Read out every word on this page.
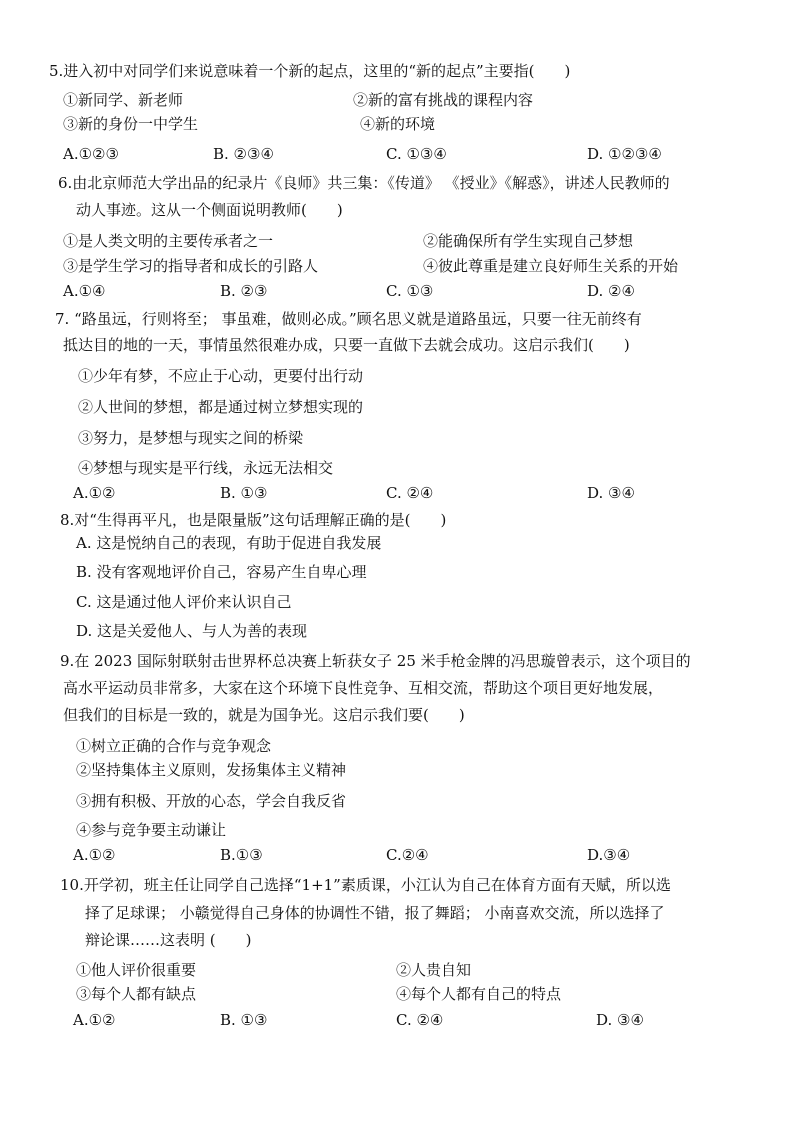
5.进入初中对同学们来说意味着一个新的起点，这里的“新的起点”主要指(　　)
①新同学、新老师	②新的富有挑战的课程内容
③新的身份一中学生	④新的环境
A.①②③	B. ②③④	C. ①③④	D. ①②③④
6.由北京师范大学出品的纪录片《良师》共三集：《传道》 《授业》《解惑》，讲述人民教师的
动人事迹。这从一个侧面说明教师(　　)
①是人类文明的主要传承者之一	②能确保所有学生实现自己梦想
③是学生学习的指导者和成长的引路人	④彼此尊重是建立良好师生关系的开始
A.①④	B. ②③	C. ①③	D. ②④
7. “路虽远，行则将至； 事虽难，做则必成。”顾名思义就是道路虽远，只要一往无前终有
抵达目的地的一天，事情虽然很难办成，只要一直做下去就会成功。这启示我们(　　)
①少年有梦，不应止于心动，更要付出行动
②人世间的梦想，都是通过树立梦想实现的
③努力，是梦想与现实之间的桥梁
④梦想与现实是平行线，永远无法相交
A.①②	B. ①③	C. ②④	D. ③④
8.对“生得再平凡，也是限量版”这句话理解正确的是(　　)
A. 这是悦纳自己的表现，有助于促进自我发展
B. 没有客观地评价自己，容易产生自卑心理
C. 这是通过他人评价来认识自己
D. 这是关爱他人、与人为善的表现
9.在 2023 国际射联射击世界杯总决赛上斩获女子 25 米手枪金牌的冯思璇曾表示，这个项目的
高水平运动员非常多，大家在这个环境下良性竞争、互相交流，帮助这个项目更好地发展，
但我们的目标是一致的，就是为国争光。这启示我们要(　　)
①树立正确的合作与竞争观念
②坚持集体主义原则，发扬集体主义精神
③拥有积极、开放的心态，学会自我反省
④参与竞争要主动谦让
A.①②	B.①③	C.②④	D.③④
10.开学初，班主任让同学自己选择“1+1”素质课，小江认为自己在体育方面有天赋，所以选
择了足球课； 小赣觉得自己身体的协调性不错，报了舞蹈； 小南喜欢交流，所以选择了
辩论课……这表明 (　　)
①他人评价很重要	②人贵自知
③每个人都有缺点	④每个人都有自己的特点
A.①②	B. ①③	C. ②④	D. ③④
